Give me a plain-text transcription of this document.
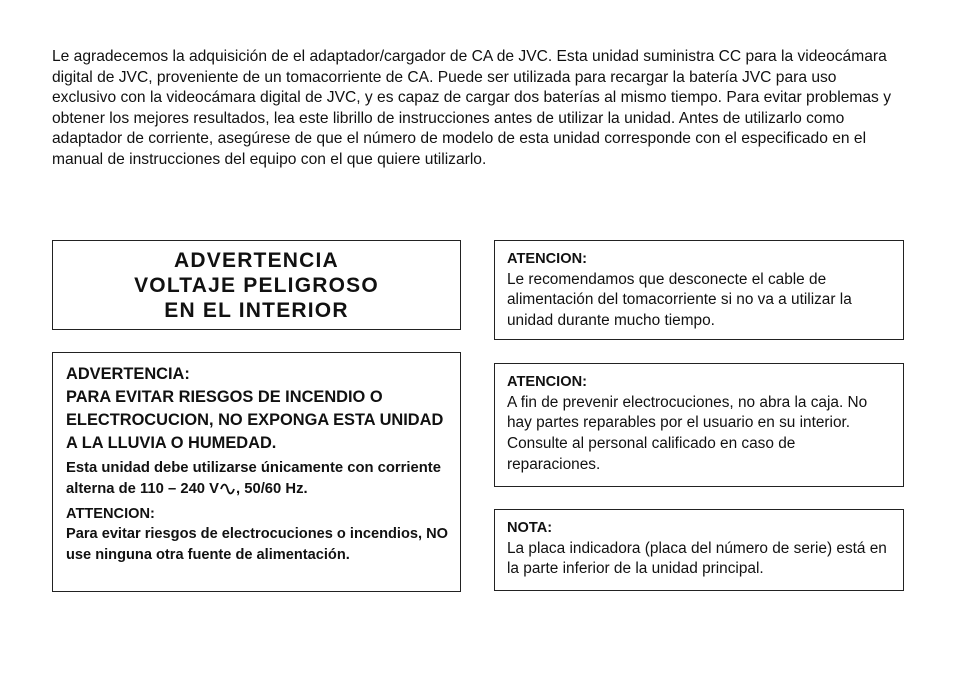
Le agradecemos la adquisición de el adaptador/cargador de CA de JVC. Esta unidad suministra CC para la videocámara digital de JVC, proveniente de un tomacorriente de CA. Puede ser utilizada para recargar la batería JVC para uso exclusivo con la videocámara digital de JVC, y es capaz de cargar dos baterías al mismo tiempo. Para evitar problemas y obtener los mejores resultados, lea este librillo de instrucciones antes de utilizar la unidad. Antes de utilizarlo como adaptador de corriente, asegúrese de que el número de modelo de esta unidad corresponde con el especificado en el manual de instrucciones del equipo con el que quiere utilizarlo.

ADVERTENCIA
VOLTAJE PELIGROSO
EN EL INTERIOR
ADVERTENCIA:
PARA EVITAR RIESGOS DE INCENDIO O ELECTROCUCION, NO EXPONGA ESTA UNIDAD A LA LLUVIA O HUMEDAD.
Esta unidad debe utilizarse únicamente con corriente alterna de 110 – 240 V , 50/60 Hz.
ATTENCION:
Para evitar riesgos de electrocuciones o incendios, NO use ninguna otra fuente de alimentación.
ATENCION:
Le recomendamos que desconecte el cable de alimentación del tomacorriente si no va a utilizar la unidad durante mucho tiempo.
ATENCION:
A fin de prevenir electrocuciones, no abra la caja. No hay partes reparables por el usuario en su interior. Consulte al personal calificado en caso de reparaciones.
NOTA:
La placa indicadora (placa del número de serie) está en la parte inferior de la unidad principal.
